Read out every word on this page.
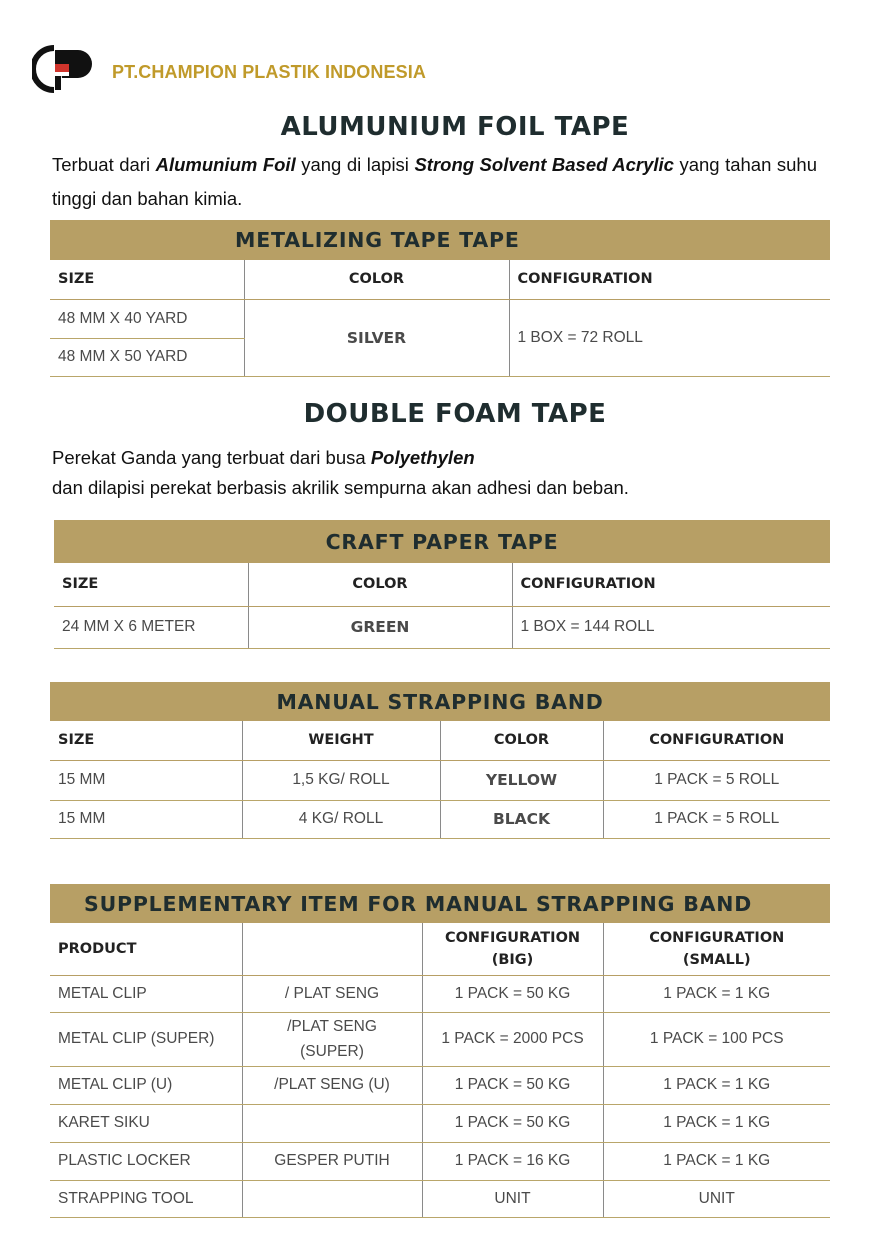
PT.CHAMPION PLASTIK INDONESIA
ALUMUNIUM FOIL TAPE
Terbuat dari Alumunium Foil yang di lapisi Strong Solvent Based Acrylic yang tahan suhu tinggi dan bahan kimia.
METALIZING TAPE TAPE		
SIZE	COLOR	CONFIGURATION
48 MM X 40 YARD	SILVER	1 BOX = 72 ROLL
48 MM X 50 YARD		
DOUBLE FOAM TAPE
Perekat Ganda yang terbuat dari busa Polyethylen
dan dilapisi perekat berbasis akrilik sempurna akan adhesi dan beban.
CRAFT PAPER TAPE		
SIZE	COLOR	CONFIGURATION
24 MM X 6 METER	GREEN	1 BOX = 144 ROLL
MANUAL STRAPPING BAND			
SIZE	WEIGHT	COLOR	CONFIGURATION
15 MM	1,5 KG/ ROLL	YELLOW	1 PACK = 5 ROLL
15 MM	4 KG/ ROLL	BLACK	1 PACK = 5 ROLL
SUPPLEMENTARY ITEM FOR MANUAL STRAPPING BAND			
PRODUCT		CONFIGURATION
(BIG)	CONFIGURATION
(SMALL)
METAL CLIP	/ PLAT SENG	1 PACK = 50 KG	1 PACK = 1 KG
METAL CLIP (SUPER)	/PLAT SENG
(SUPER)	1 PACK = 2000 PCS	1 PACK = 100 PCS
METAL CLIP (U)	/PLAT SENG (U)	1 PACK = 50 KG	1 PACK = 1 KG
KARET SIKU		1 PACK = 50 KG	1 PACK = 1 KG
PLASTIC LOCKER	GESPER PUTIH	1 PACK = 16 KG	1 PACK = 1 KG
STRAPPING TOOL		UNIT	UNIT
